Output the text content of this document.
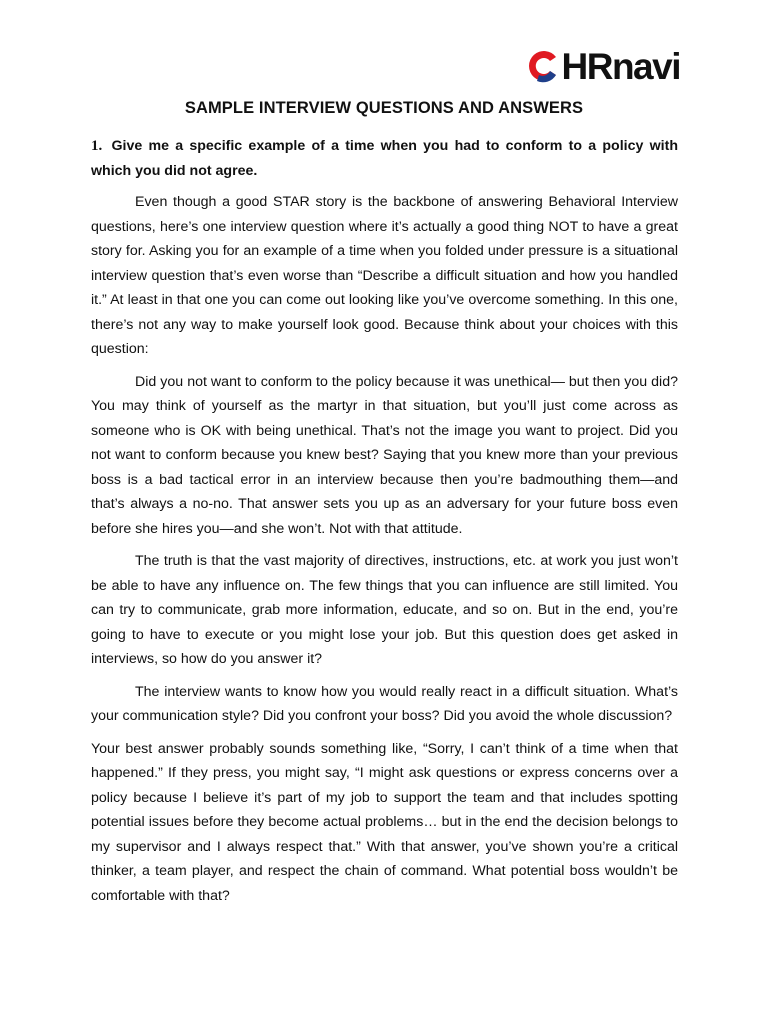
HRnavi
SAMPLE INTERVIEW QUESTIONS AND ANSWERS

1. Give me a specific example of a time when you had to conform to a policy with which you did not agree.

Even though a good STAR story is the backbone of answering Behavioral Interview questions, here’s one interview question where it’s actually a good thing NOT to have a great story for. Asking you for an example of a time when you folded under pressure is a situational interview question that’s even worse than “Describe a difficult situation and how you handled it.” At least in that one you can come out looking like you’ve overcome something. In this one, there’s not any way to make yourself look good. Because think about your choices with this question:

Did you not want to conform to the policy because it was unethical— but then you did? You may think of yourself as the martyr in that situation, but you’ll just come across as someone who is OK with being unethical. That’s not the image you want to project. Did you not want to conform because you knew best? Saying that you knew more than your previous boss is a bad tactical error in an interview because then you’re badmouthing them—and that’s always a no-no. That answer sets you up as an adversary for your future boss even before she hires you—and she won’t. Not with that attitude.

The truth is that the vast majority of directives, instructions, etc. at work you just won’t be able to have any influence on. The few things that you can influence are still limited. You can try to communicate, grab more information, educate, and so on. But in the end, you’re going to have to execute or you might lose your job. But this question does get asked in interviews, so how do you answer it?

The interview wants to know how you would really react in a difficult situation. What’s your communication style? Did you confront your boss? Did you avoid the whole discussion?

Your best answer probably sounds something like, “Sorry, I can’t think of a time when that happened.” If they press, you might say, “I might ask questions or express concerns over a policy because I believe it’s part of my job to support the team and that includes spotting potential issues before they become actual problems… but in the end the decision belongs to my supervisor and I always respect that.” With that answer, you’ve shown you’re a critical thinker, a team player, and respect the chain of command. What potential boss wouldn’t be comfortable with that?
